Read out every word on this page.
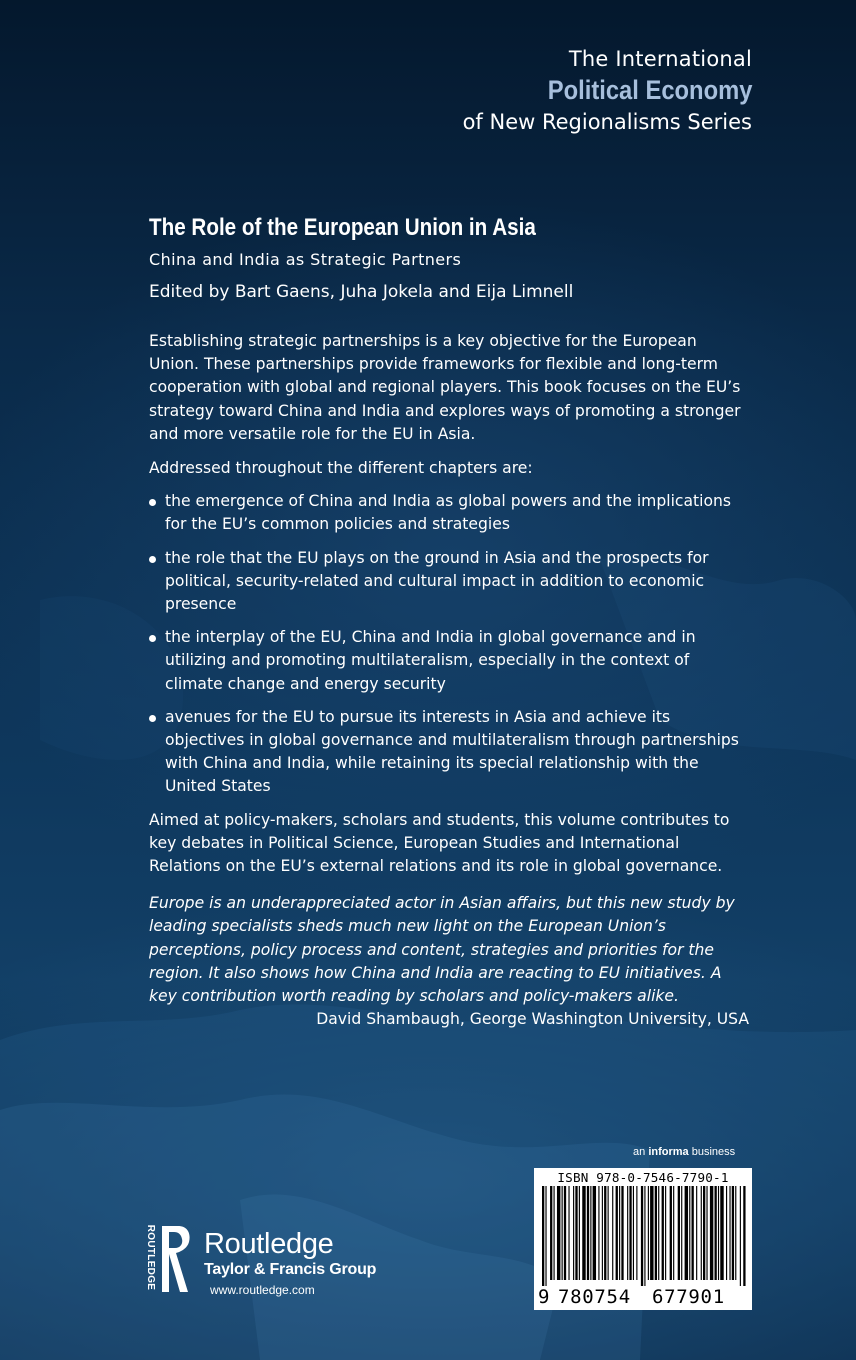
The International
Political Economy
of New Regionalisms Series
The Role of the European Union in Asia
China and India as Strategic Partners
Edited by Bart Gaens, Juha Jokela and Eija Limnell

Establishing strategic partnerships is a key objective for the European Union. These partnerships provide frameworks for flexible and long-term cooperation with global and regional players. This book focuses on the EU’s strategy toward China and India and explores ways of promoting a stronger and more versatile role for the EU in Asia.

Addressed throughout the different chapters are:

the emergence of China and India as global powers and the implications for the EU’s common policies and strategies
the role that the EU plays on the ground in Asia and the prospects for political, security-related and cultural impact in addition to economic presence
the interplay of the EU, China and India in global governance and in utilizing and promoting multilateralism, especially in the context of climate change and energy security
avenues for the EU to pursue its interests in Asia and achieve its objectives in global governance and multilateralism through partnerships with China and India, while retaining its special relationship with the United States

Aimed at policy-makers, scholars and students, this volume contributes to key debates in Political Science, European Studies and International Relations on the EU’s external relations and its role in global governance.

Europe is an underappreciated actor in Asian affairs, but this new study by leading specialists sheds much new light on the European Union’s perceptions, policy process and content, strategies and priorities for the region. It also shows how China and India are reacting to EU initiatives. A key contribution worth reading by scholars and policy-makers alike.

David Shambaugh, George Washington University, USA

an informa business
ROUTLEDGE Routledge
Taylor & Francis Group
www.routledge.com
ISBN 978-0-7546-7790-1
9 780754 677901
